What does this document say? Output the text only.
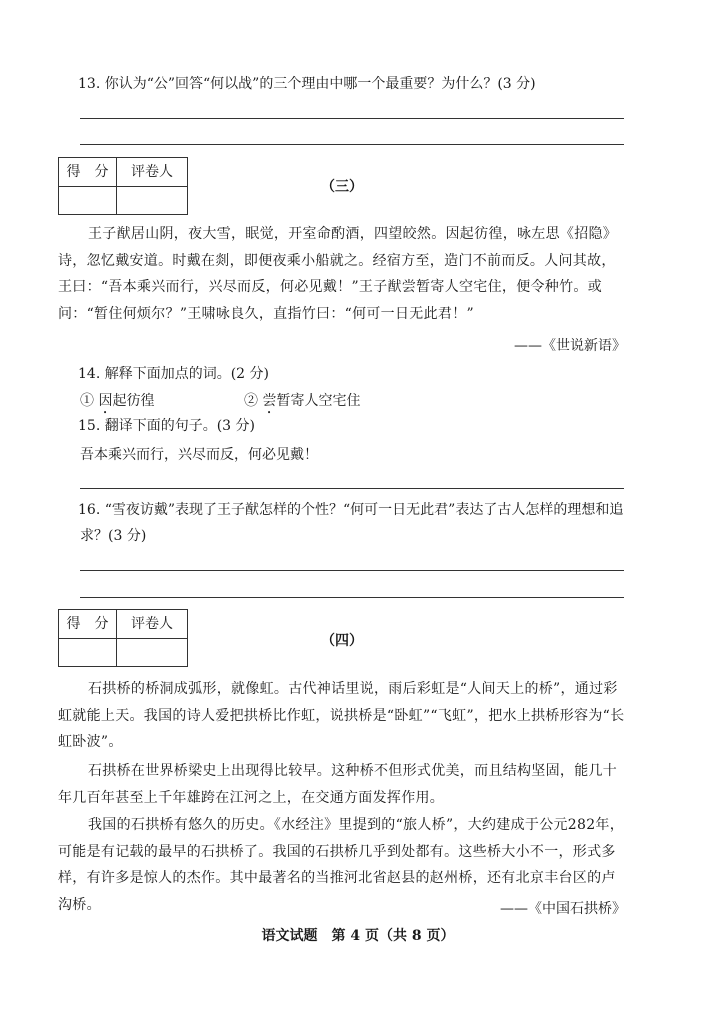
13. 你认为“公”回答“何以战”的三个理由中哪一个最重要？为什么？(3 分)
得　分	评卷人
（三）
王子猷居山阴，夜大雪，眠觉，开室命酌酒，四望皎然。因起彷徨，咏左思《招隐》诗，忽忆戴安道。时戴在剡，即便夜乘小船就之。经宿方至，造门不前而反。人问其故，王曰：“吾本乘兴而行，兴尽而反，何必见戴！”王子猷尝暂寄人空宅住，便令种竹。或问：“暂住何烦尔？”王啸咏良久，直指竹曰：“何可一日无此君！”
——《世说新语》
14. 解释下面加点的词。(2 分)
① 因起彷徨	② 尝暂寄人空宅住
15. 翻译下面的句子。(3 分)
吾本乘兴而行，兴尽而反，何必见戴！
16. “雪夜访戴”表现了王子猷怎样的个性？“何可一日无此君”表达了古人怎样的理想和追
求？(3 分)
得　分	评卷人
（四）
石拱桥的桥洞成弧形，就像虹。古代神话里说，雨后彩虹是“人间天上的桥”，通过彩虹就能上天。我国的诗人爱把拱桥比作虹，说拱桥是“卧虹”“飞虹”，把水上拱桥形容为“长虹卧波”。
石拱桥在世界桥梁史上出现得比较早。这种桥不但形式优美，而且结构坚固，能几十年几百年甚至上千年雄跨在江河之上，在交通方面发挥作用。
我国的石拱桥有悠久的历史。《水经注》里提到的“旅人桥”，大约建成于公元282年，可能是有记载的最早的石拱桥了。我国的石拱桥几乎到处都有。这些桥大小不一，形式多样，有许多是惊人的杰作。其中最著名的当推河北省赵县的赵州桥，还有北京丰台区的卢沟桥。	——《中国石拱桥》
语文试题　第 4 页（共 8 页）
